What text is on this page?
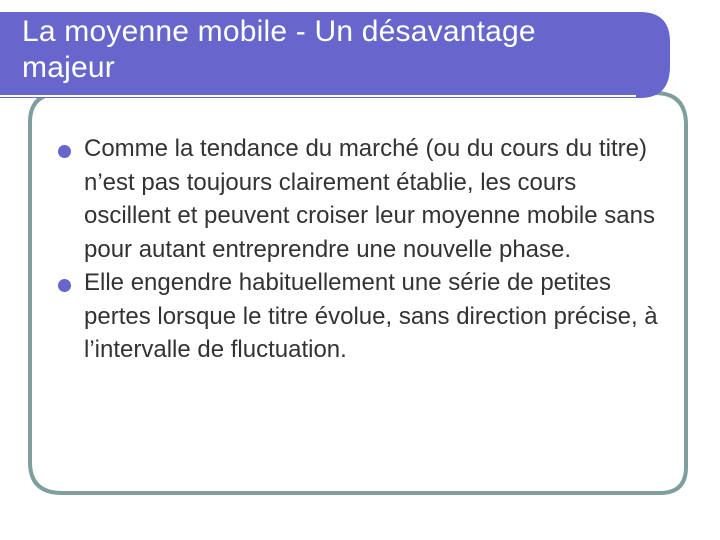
La moyenne mobile - Un désavantage majeur
Comme la tendance du marché (ou du cours du titre) n’est pas toujours clairement établie, les cours oscillent et peuvent croiser leur moyenne mobile sans pour autant entreprendre une nouvelle phase.
Elle engendre habituellement une série de petites pertes lorsque le titre évolue, sans direction précise, à l’intervalle de fluctuation.
